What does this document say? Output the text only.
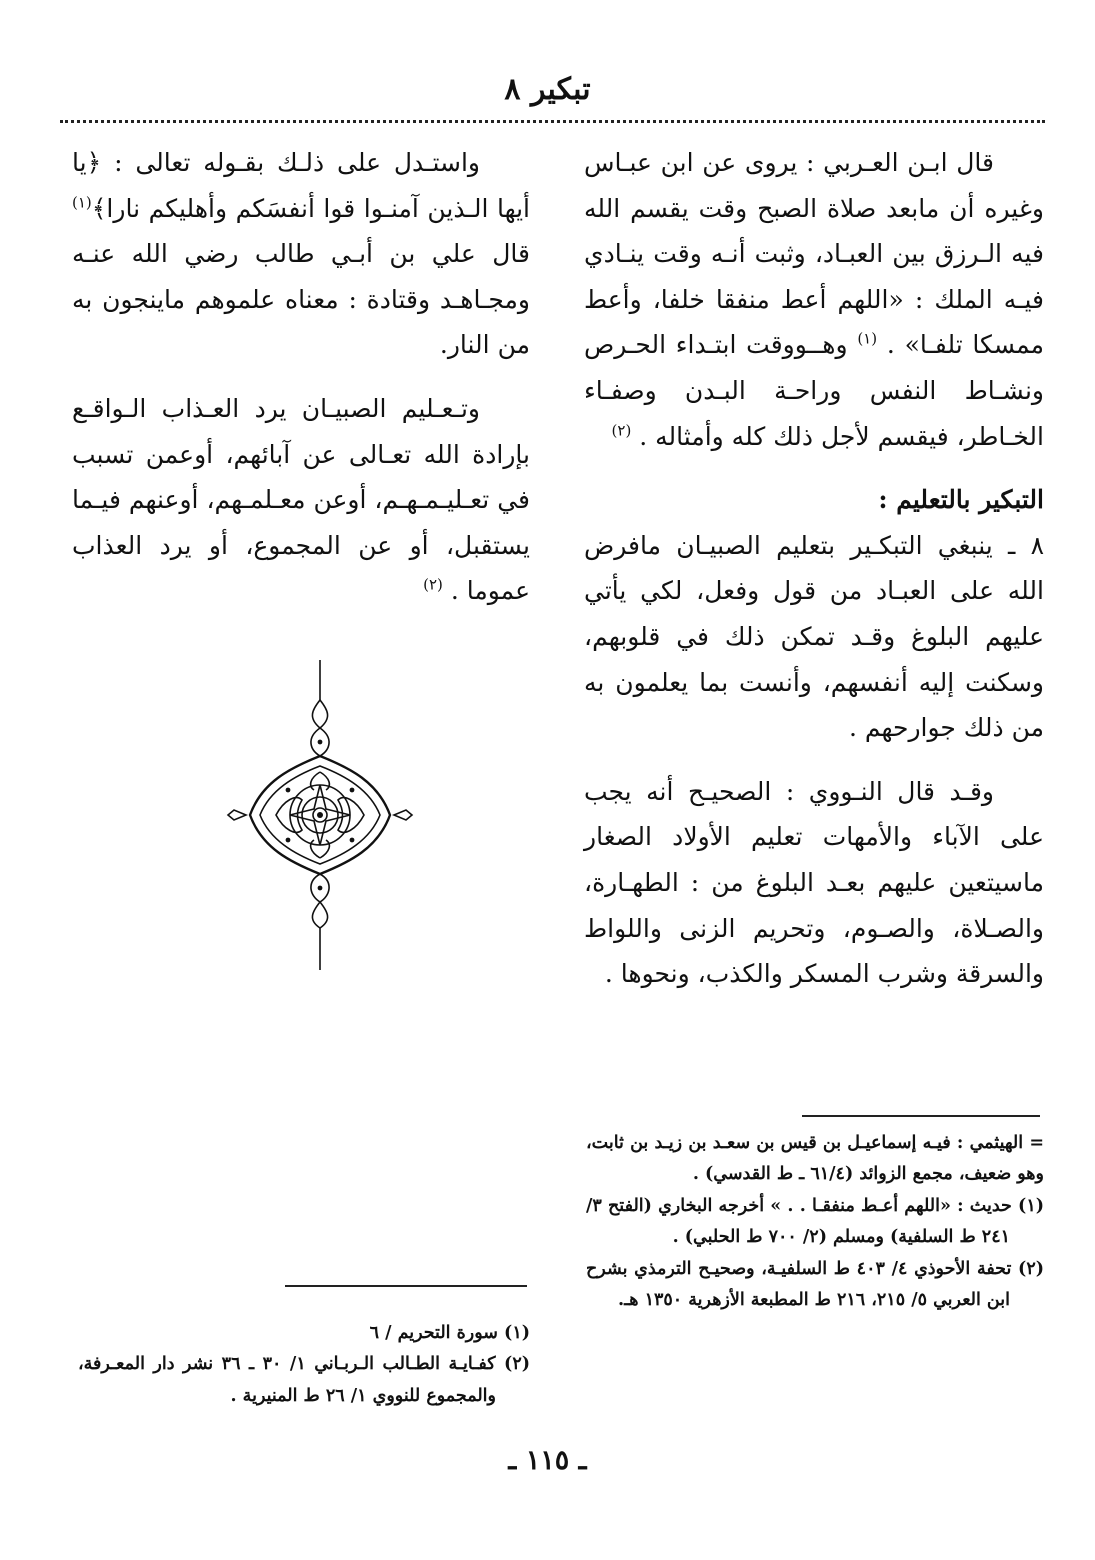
تبكير ٨

قال ابـن العـربي : يروى عن ابن عبـاس وغيره أن مابعد صلاة الصبح وقت يقسم الله فيه الـرزق بين العبـاد، وثبت أنـه وقت ينـادي فيـه الملك : «اللهم أعط منفقا خلفا، وأعط ممسكا تلفـا» . $^{(١)}$ وهــووقت ابتـداء الحـرص ونشـاط النفس وراحـة البـدن وصفـاء الخـاطر، فيقسم لأجل ذلك كله وأمثاله . $^{(٢)}$

التبكير بالتعليم :

٨ ـ ينبغي التبكـير بتعليم الصبيـان مافرض الله على العبـاد من قول وفعل، لكي يأتي عليهم البلوغ وقـد تمكن ذلك في قلوبهم، وسكنت إليه أنفسهم، وأنست بما يعلمون به من ذلك جوارحهم .

وقـد قال النـووي : الصحيـح أنه يجب على الآباء والأمهات تعليم الأولاد الصغار ماسيتعين عليهم بعـد البلوغ من : الطهـارة، والصـلاة، والصـوم، وتحريم الزنى واللواط والسرقة وشرب المسكر والكذب، ونحوها .

واستـدل على ذلـك بقـوله تعالى : ﴿يا أيها الـذين آمنـوا قوا أنفسَكم وأهليكم نارا﴾$^{(١)}$ قال علي بن أبـي طالب رضي الله عنـه ومجـاهـد وقتادة : معناه علموهم ماينجون به من النار.

وتـعـليم الصبيـان يرد العـذاب الـواقـع بإرادة الله تعـالى عن آبائهم، أوعمن تسبب في تعـليـمـهـم، أوعن معـلمـهم، أوعنهم فيـما يستقبل، أو عن المجموع، أو يرد العذاب عموما . $^{(٢)}$

= الهيثمي : فيـه إسماعيـل بن قيس بن سعـد بن زيـد بن ثابت، وهو ضعيف، مجمع الزوائد (٦١/٤ ـ ط القدسي) .

(١) حديث : «اللهم أعـط منفقـا . . » أخرجه البخاري (الفتح ٣/ ٢٤١ ط السلفية) ومسلم (٢/ ٧٠٠ ط الحلبي) .

(٢) تحفة الأحوذي ٤/ ٤٠٣ ط السلفيـة، وصحيـح الترمذي بشرح ابن العربي ٥/ ٢١٥، ٢١٦ ط المطبعة الأزهرية ١٣٥٠ هـ.

(١) سورة التحريم / ٦

(٢) كفـايـة الطـالب الـربـاني ١/ ٣٠ ـ ٣٦ نشر دار المعـرفة، والمجموع للنووي ١/ ٢٦ ط المنيرية .

ـ ١١٥ ـ
